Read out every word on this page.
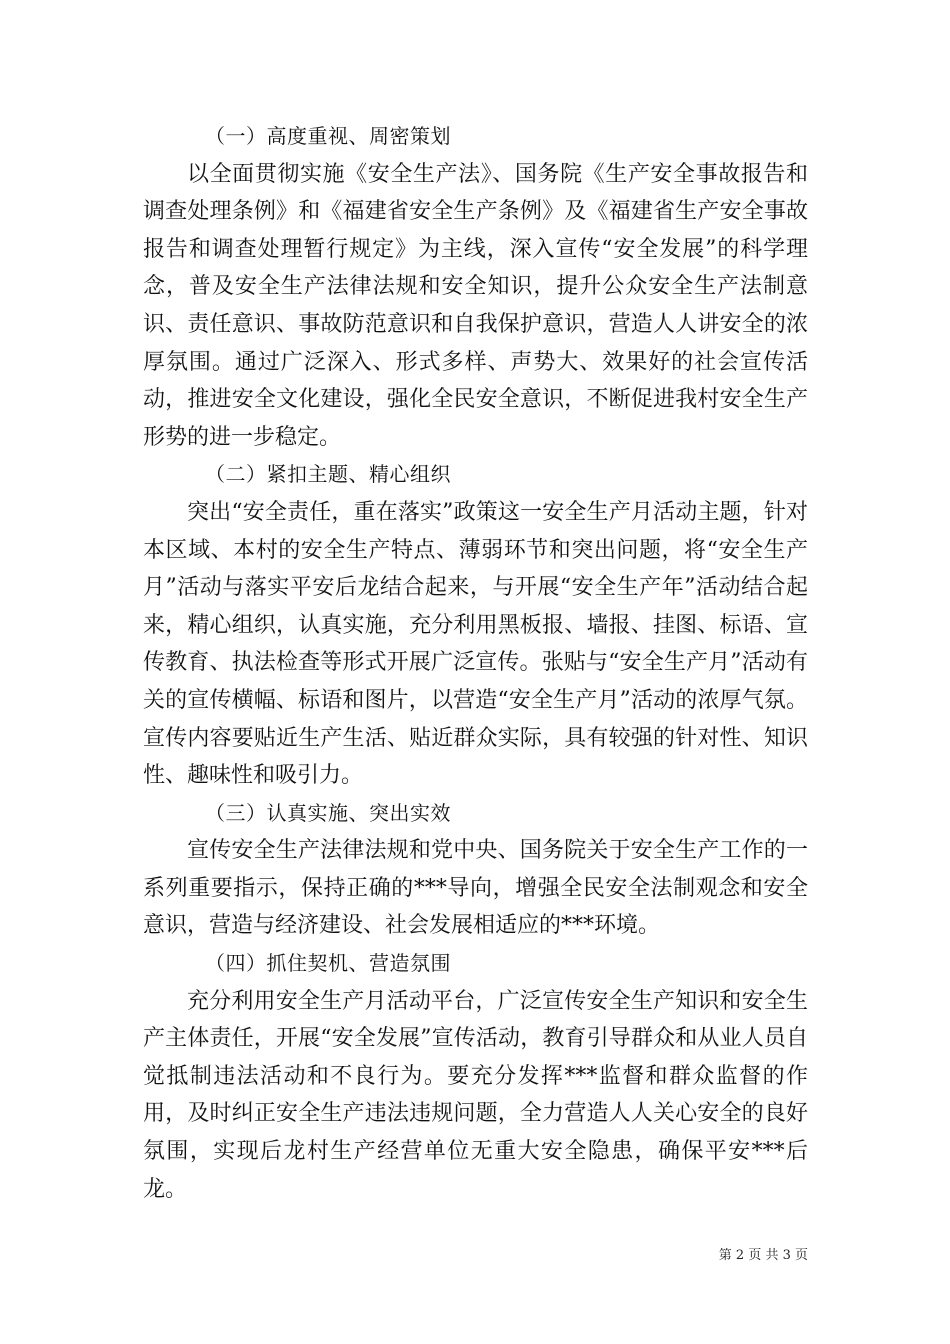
（一）高度重视、周密策划

以全面贯彻实施《安全生产法》、国务院《生产安全事故报告和调查处理条例》和《福建省安全生产条例》及《福建省生产安全事故报告和调查处理暂行规定》为主线，深入宣传“安全发展”的科学理念，普及安全生产法律法规和安全知识，提升公众安全生产法制意识、责任意识、事故防范意识和自我保护意识，营造人人讲安全的浓厚氛围。通过广泛深入、形式多样、声势大、效果好的社会宣传活动，推进安全文化建设，强化全民安全意识，不断促进我村安全生产形势的进一步稳定。

（二）紧扣主题、精心组织

突出“安全责任，重在落实”政策这一安全生产月活动主题，针对本区域、本村的安全生产特点、薄弱环节和突出问题，将“安全生产月”活动与落实平安后龙结合起来，与开展“安全生产年”活动结合起来，精心组织，认真实施，充分利用黑板报、墙报、挂图、标语、宣传教育、执法检查等形式开展广泛宣传。张贴与“安全生产月”活动有关的宣传横幅、标语和图片，以营造“安全生产月”活动的浓厚气氛。宣传内容要贴近生产生活、贴近群众实际，具有较强的针对性、知识性、趣味性和吸引力。

（三）认真实施、突出实效

宣传安全生产法律法规和党中央、国务院关于安全生产工作的一系列重要指示，保持正确的***导向，增强全民安全法制观念和安全意识，营造与经济建设、社会发展相适应的***环境。

（四）抓住契机、营造氛围

充分利用安全生产月活动平台，广泛宣传安全生产知识和安全生产主体责任，开展“安全发展”宣传活动，教育引导群众和从业人员自觉抵制违法活动和不良行为。要充分发挥***监督和群众监督的作用，及时纠正安全生产违法违规问题，全力营造人人关心安全的良好氛围，实现后龙村生产经营单位无重大安全隐患，确保平安***后龙。

第 2 页 共 3 页
